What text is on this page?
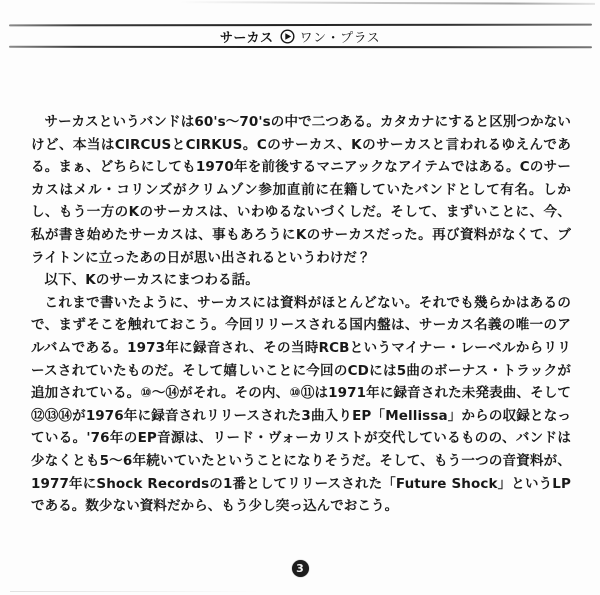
サーカス ワン・プラス

サーカスというバンドは60's〜70'sの中で二つある。カタカナにすると区別つかないけど、本当はCIRCUSとCIRKUS。Cのサーカス、Kのサーカスと言われるゆえんである。まぁ、どちらにしても1970年を前後するマニアックなアイテムではある。Cのサーカスはメル・コリンズがクリムゾン参加直前に在籍していたバンドとして有名。しかし、もう一方のKのサーカスは、いわゆるないづくしだ。そして、まずいことに、今、私が書き始めたサーカスは、事もあろうにKのサーカスだった。再び資料がなくて、ブライトンに立ったあの日が思い出されるというわけだ？

以下、Kのサーカスにまつわる話。

これまで書いたように、サーカスには資料がほとんどない。それでも幾らかはあるので、まずそこを触れておこう。今回リリースされる国内盤は、サーカス名義の唯一のアルバムである。1973年に録音され、その当時RCBというマイナー・レーベルからリリースされていたものだ。そして嬉しいことに今回のCDには5曲のボーナス・トラックが追加されている。⑩〜⑭がそれ。その内、⑩⑪は1971年に録音された未発表曲、そして⑫⑬⑭が1976年に録音されリリースされた3曲入りEP「Mellissa」からの収録となっている。'76年のEP音源は、リード・ヴォーカリストが交代しているものの、バンドは少なくとも5〜6年続いていたということになりそうだ。そして、もう一つの音資料が、1977年にShock Recordsの1番としてリリースされた「Future Shock」というLPである。数少ない資料だから、もう少し突っ込んでおこう。

3
